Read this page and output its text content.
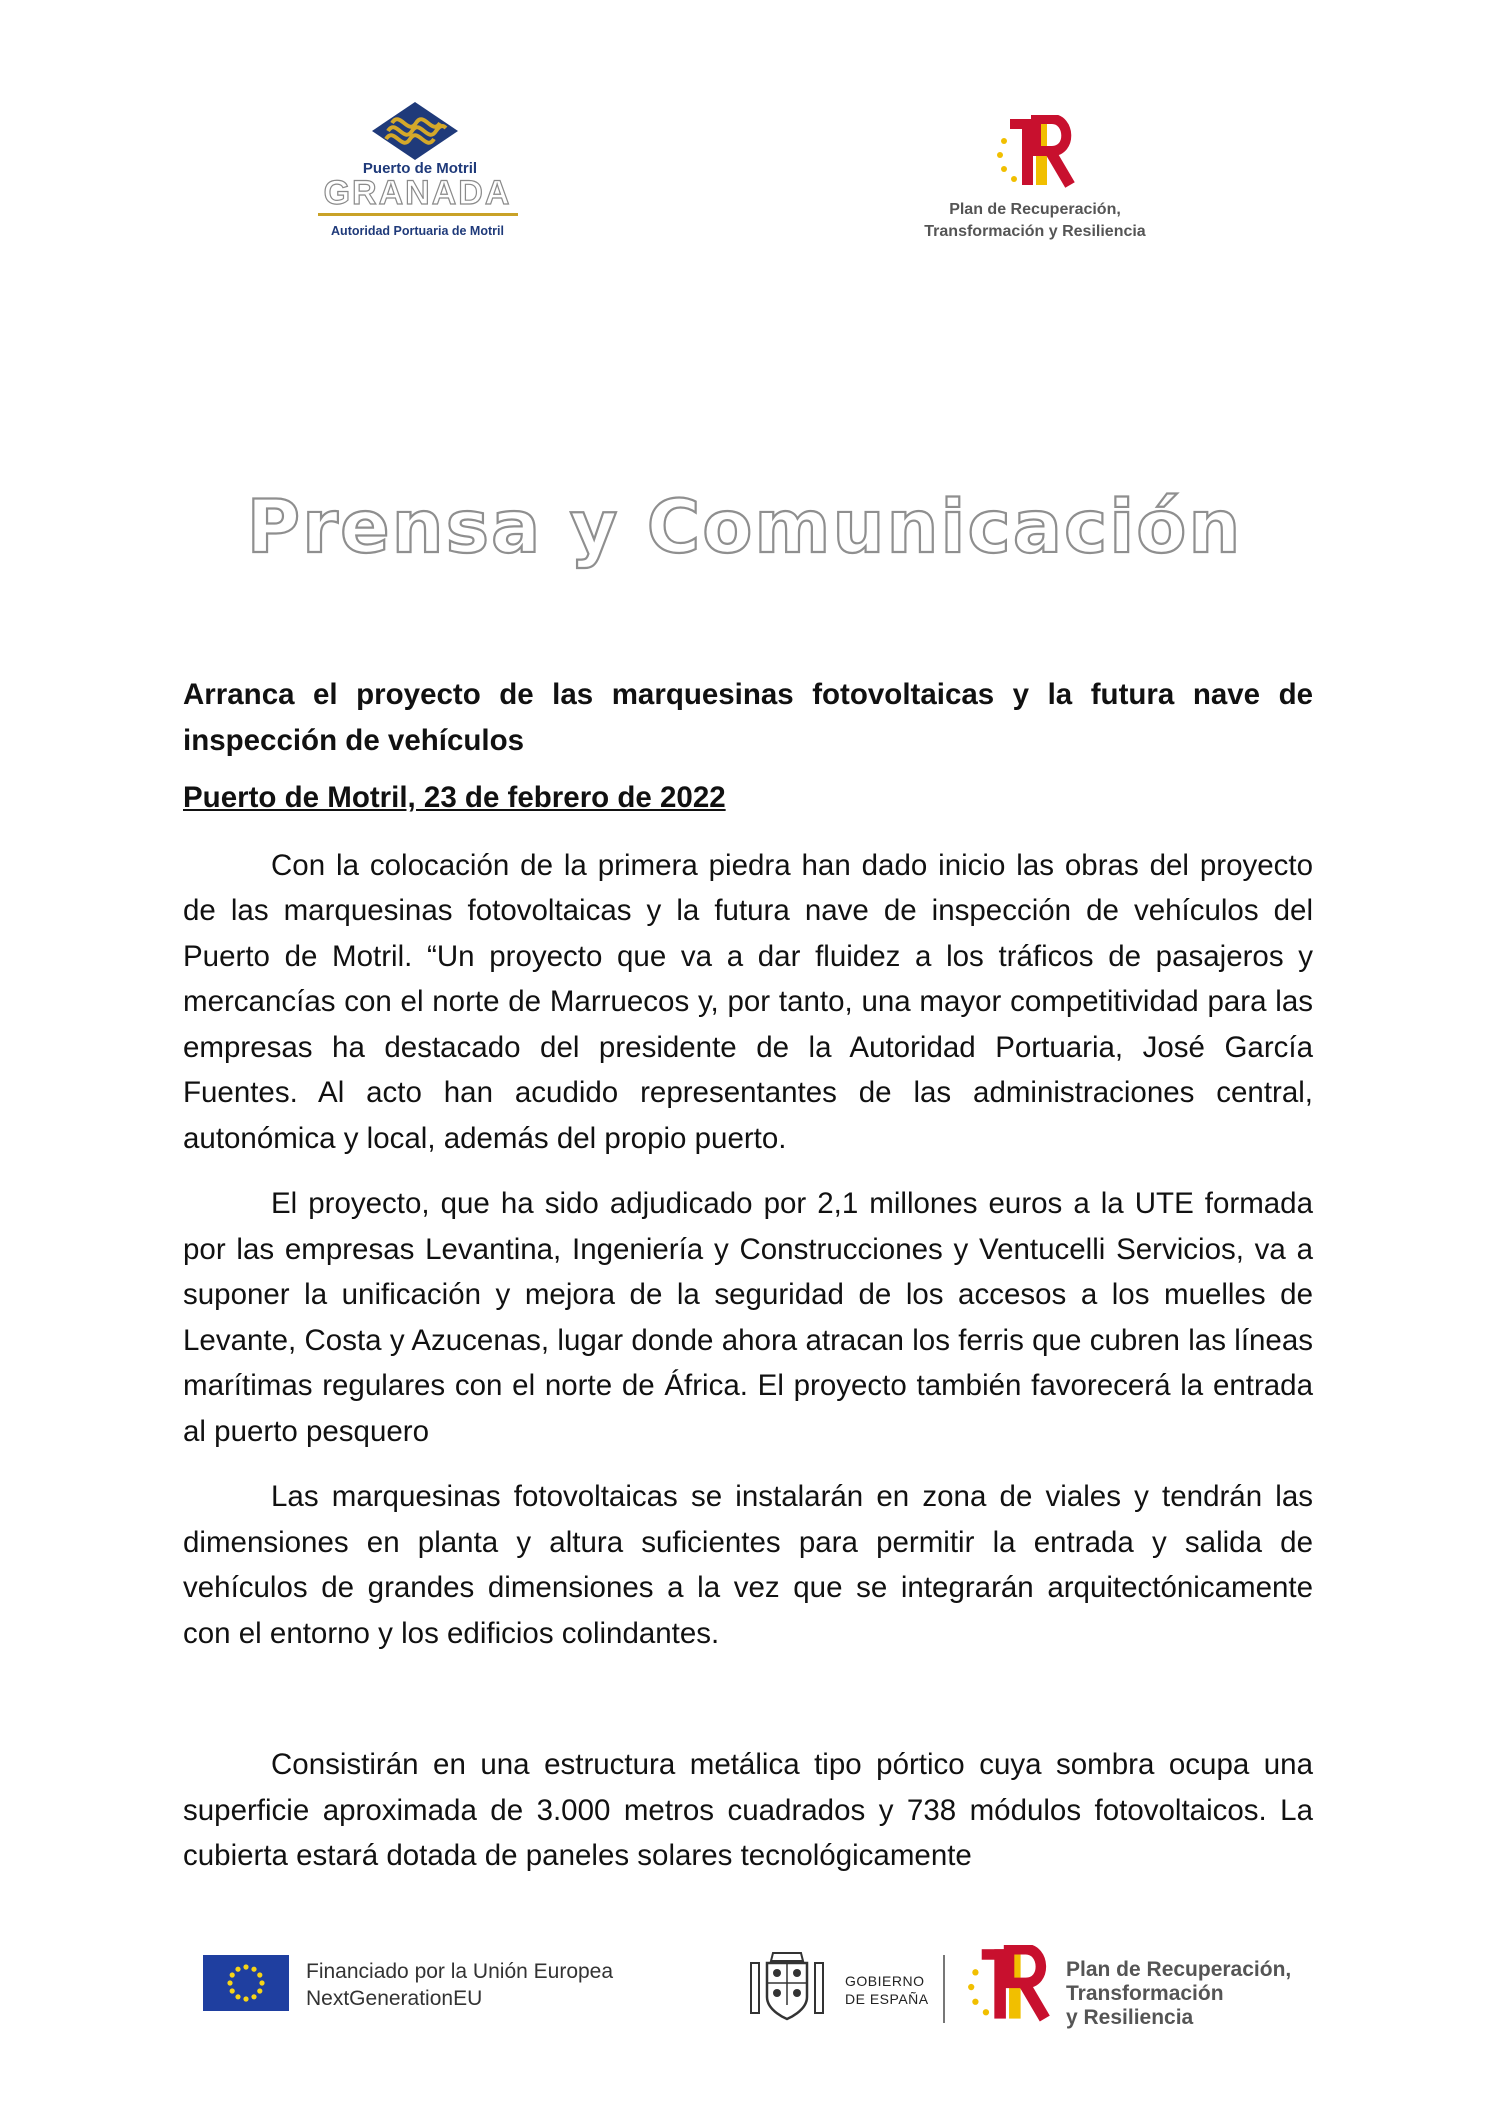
Puerto de Motril
GRANADA
Autoridad Portuaria de Motril
Plan de Recuperación,
Transformación y Resiliencia
Prensa y Comunicación

Arranca el proyecto de las marquesinas fotovoltaicas y la futura nave de inspección de vehículos

Puerto de Motril, 23 de febrero de 2022

Con la colocación de la primera piedra han dado inicio las obras del proyecto de las marquesinas fotovoltaicas y la futura nave de inspección de vehículos del Puerto de Motril. “Un proyecto que va a dar fluidez a los tráficos de pasajeros y mercancías con el norte de Marruecos y, por tanto, una mayor competitividad para las empresas ha destacado del presidente de la Autoridad Portuaria, José García Fuentes. Al acto han acudido representantes de las administraciones central, autonómica y local, además del propio puerto.

El proyecto, que ha sido adjudicado por 2,1 millones euros a la UTE formada por las empresas Levantina, Ingeniería y Construcciones y Ventucelli Servicios, va a suponer la unificación y mejora de la seguridad de los accesos a los muelles de Levante, Costa y Azucenas, lugar donde ahora atracan los ferris que cubren las líneas marítimas regulares con el norte de África. El proyecto también favorecerá la entrada al puerto pesquero

Las marquesinas fotovoltaicas se instalarán en zona de viales y tendrán las dimensiones en planta y altura suficientes para permitir la entrada y salida de vehículos de grandes dimensiones a la vez que se integrarán arquitectónicamente con el entorno y los edificios colindantes.

Consistirán en una estructura metálica tipo pórtico cuya sombra ocupa una superficie aproximada de 3.000 metros cuadrados y 738 módulos fotovoltaicos. La cubierta estará dotada de paneles solares tecnológicamente

Financiado por la Unión Europea
NextGenerationEU
GOBIERNO
DE ESPAÑA
Plan de Recuperación,
Transformación
y Resiliencia
